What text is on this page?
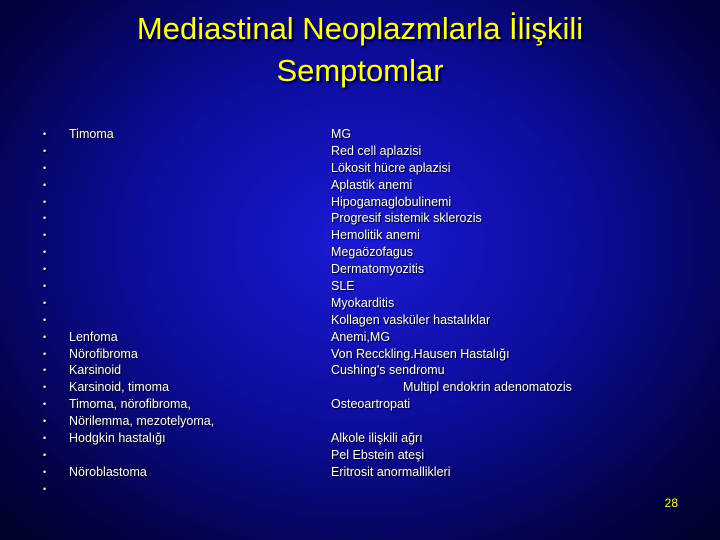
Mediastinal Neoplazmlarla İlişkili
Semptomlar
• Timoma	MG
•	Red cell aplazisi
•	Lökosit hücre aplazisi
•	Aplastik anemi
•	Hipogamaglobulinemi
•	Progresif sistemik sklerozis
•	Hemolitik anemi
•	Megaözofagus
•	Dermatomyozitis
•	SLE
•	Myokarditis
•	Kollagen vasküler hastalıklar
• Lenfoma	Anemi,MG
• Nörofibroma	Von Recckling.Hausen Hastalığı
• Karsinoid	Cushing's sendromu
• Karsinoid, timoma	Multipl endokrin adenomatozis
• Timoma, nörofibroma,	Osteoartropati
• Nörilemma, mezotelyoma,
• Hodgkin hastalığı	Alkole ilişkili ağrı
•	Pel Ebstein ateşi
• Nöroblastoma	Eritrosit anormallikleri
•
28
